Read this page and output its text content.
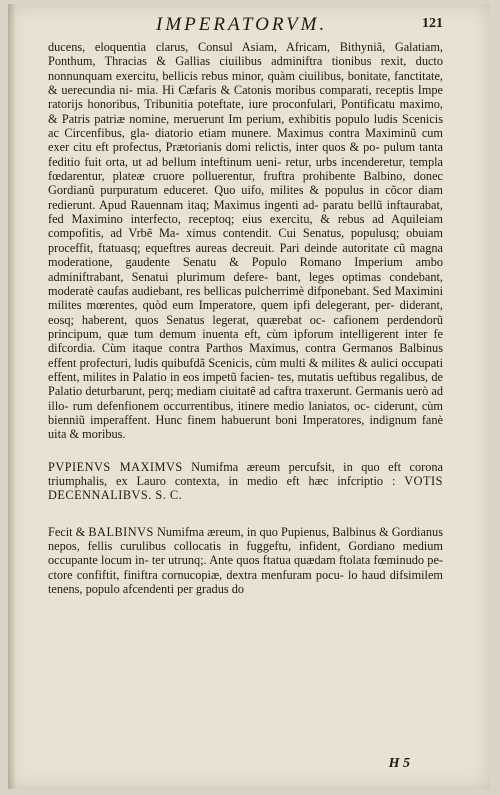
IMPERATORVM.	121

ducens, eloquentia clarus, Consul Asiam, Africam, Bithyniã, Galatiam, Ponthum, Thracias & Gallias ciuilibus adminiftra tionibus rexit, ducto nonnunquam exercitu, bellicis rebus minor, quàm ciuilibus, bonitate, fanctitate, & uerecundia ni- mia. Hi Cæfaris & Catonis moribus comparati, receptis Impe ratorijs honoribus, Tribunitia poteftate, iure proconfulari, Pontificatu maximo, & Patris patriæ nomine, meruerunt Im perium, exhibitis populo ludis Scenicis ac Circenfibus, gla- diatorio etiam munere. Maximus contra Maximinũ cum exer citu eft profectus, Prætorianis domi relictis, inter quos & po- pulum tanta feditio fuit orta, ut ad bellum inteftinum ueni- retur, urbs incenderetur, templa fœdarentur, plateæ cruore polluerentur, fruftra prohibente Balbino, donec Gordianũ purpuratum educeret. Quo uifo, milites & populus in cõcor diam redierunt. Apud Rauennam itaq; Maximus ingenti ad- paratu bellũ inftaurabat, fed Maximino interfecto, receptoq; eius exercitu, & rebus ad Aquileiam compofitis, ad Vrbẽ Ma- ximus contendit. Cui Senatus, populusq; obuiam proceffit, ftatuasq; equeftres aureas decreuit. Pari deinde autoritate cũ magna moderatione, gaudente Senatu & Populo Romano Imperium ambo adminiftrabant, Senatui plurimum defere- bant, leges optimas condebant, moderatè caufas audiebant, res bellicas pulcherrimè difponebant. Sed Maximini milites mœrentes, quòd eum Imperatore, quem ipfi delegerant, per- diderant, eosq; haberent, quos Senatus legerat, quærebat oc- cafionem perdendorũ principum, quæ tum demum inuenta eft, cùm ipforum intelligerent inter fe difcordia. Cùm itaque contra Parthos Maximus, contra Germanos Balbinus effent profecturi, ludis quibufdã Scenicis, cùm multi & milites & aulici occupati effent, milites in Palatio in eos impetũ facien- tes, mutatis ueftibus regalibus, de Palatio deturbarunt, perq; mediam ciuitatẽ ad caftra traxerunt. Germanis uerò ad illo- rum defenfionem occurrentibus, itinere medio laniatos, oc- ciderunt, cùm bienniũ imperaffent. Hunc finem habuerunt boni Imperatores, indignum fanè uita & moribus.

PVPIENVS MAXIMVS Numifma æreum percufsit, in quo eft corona triumphalis, ex Lauro contexta, in medio eft hæc infcriptio : VOTIS DECENNALIBVS. S. C.

Fecit & BALBINVS Numifma æreum, in quo Pupienus, Balbinus & Gordianus nepos, fellis curulibus collocatis in fuggeftu, infident, Gordiano medium occupante locum in- ter utrunq;. Ante quos ftatua quædam ftolata fœminudo pe- ctore confiftit, finiftra cornucopiæ, dextra menfuram pocu- lo haud difsimilem tenens, populo afcendenti per gradus do

H 5
